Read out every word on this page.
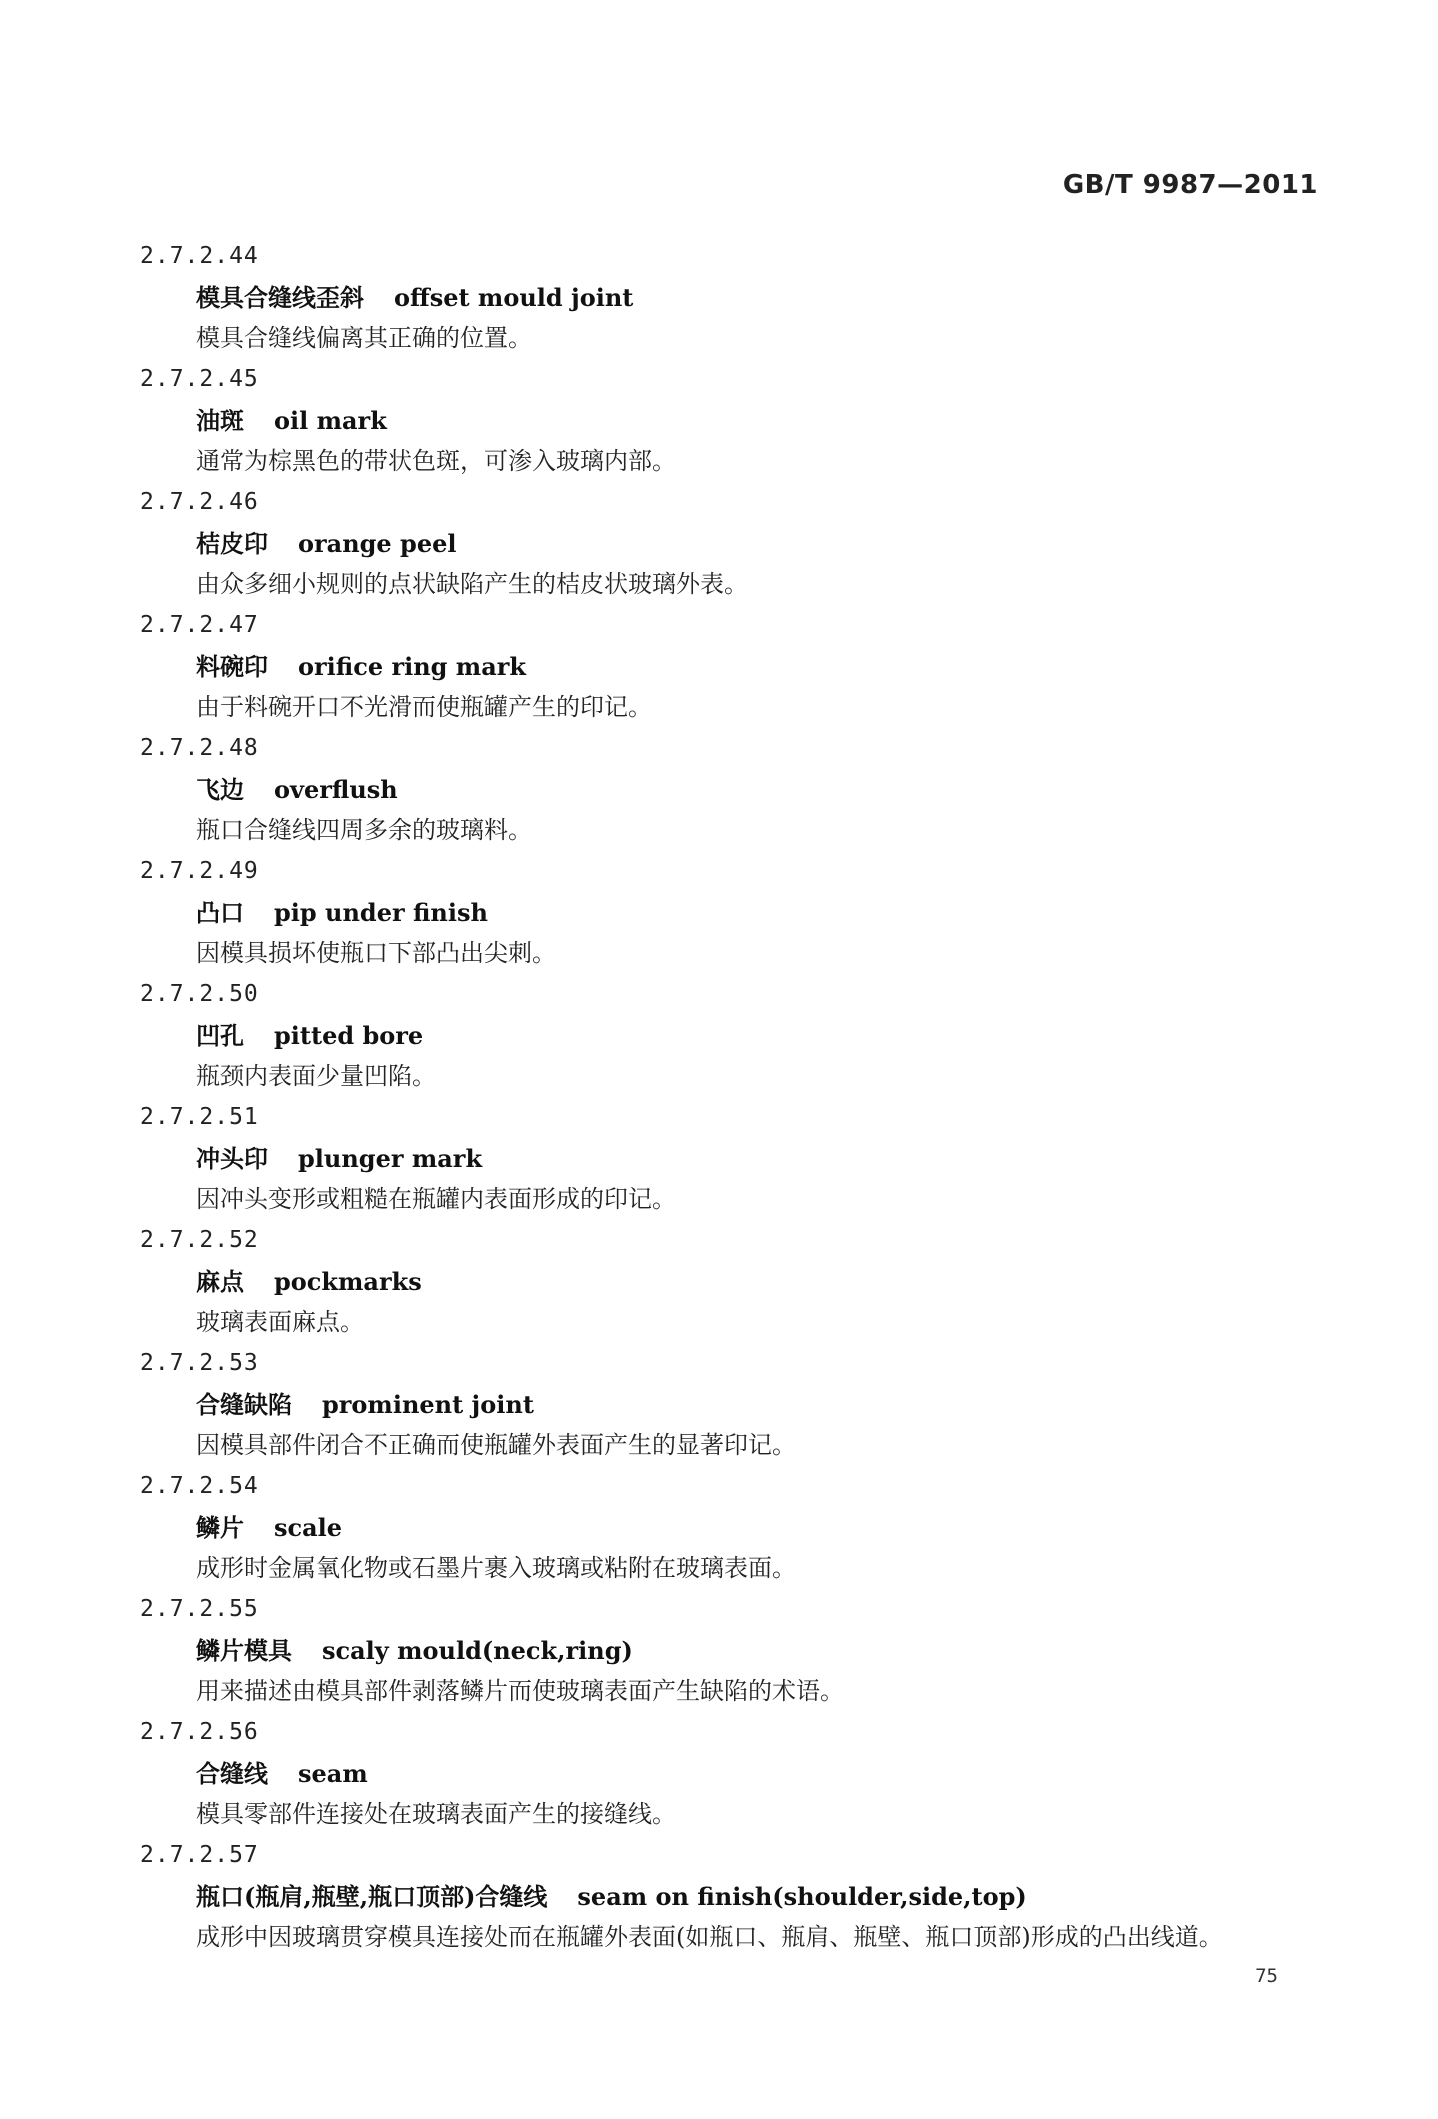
GB/T 9987—2011
2.7.2.44
模具合缝线歪斜 offset mould joint
模具合缝线偏离其正确的位置。
2.7.2.45
油斑 oil mark
通常为棕黑色的带状色斑，可渗入玻璃内部。
2.7.2.46
桔皮印 orange peel
由众多细小规则的点状缺陷产生的桔皮状玻璃外表。
2.7.2.47
料碗印 orifice ring mark
由于料碗开口不光滑而使瓶罐产生的印记。
2.7.2.48
飞边 overflush
瓶口合缝线四周多余的玻璃料。
2.7.2.49
凸口 pip under finish
因模具损坏使瓶口下部凸出尖刺。
2.7.2.50
凹孔 pitted bore
瓶颈内表面少量凹陷。
2.7.2.51
冲头印 plunger mark
因冲头变形或粗糙在瓶罐内表面形成的印记。
2.7.2.52
麻点 pockmarks
玻璃表面麻点。
2.7.2.53
合缝缺陷 prominent joint
因模具部件闭合不正确而使瓶罐外表面产生的显著印记。
2.7.2.54
鳞片 scale
成形时金属氧化物或石墨片裹入玻璃或粘附在玻璃表面。
2.7.2.55
鳞片模具 scaly mould(neck,ring)
用来描述由模具部件剥落鳞片而使玻璃表面产生缺陷的术语。
2.7.2.56
合缝线 seam
模具零部件连接处在玻璃表面产生的接缝线。
2.7.2.57
瓶口(瓶肩,瓶壁,瓶口顶部)合缝线 seam on finish(shoulder,side,top)
成形中因玻璃贯穿模具连接处而在瓶罐外表面(如瓶口、瓶肩、瓶壁、瓶口顶部)形成的凸出线道。
75
